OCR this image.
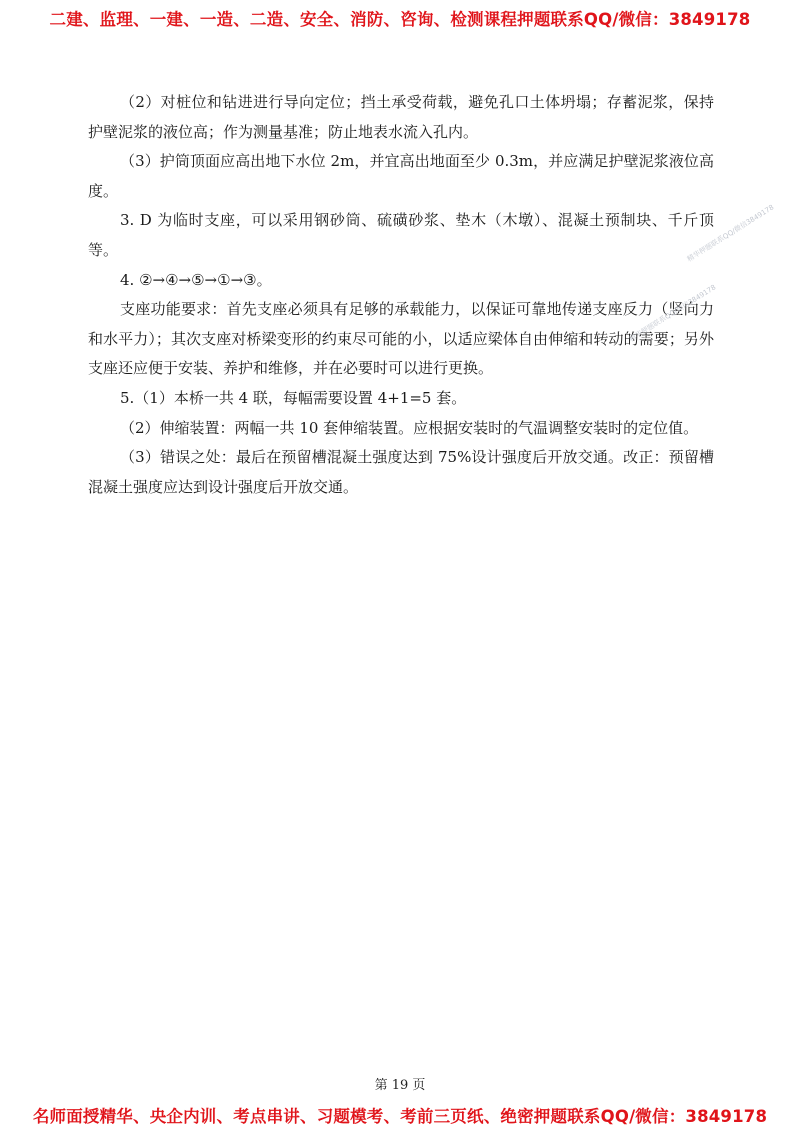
二建、监理、一建、一造、二造、安全、消防、咨询、检测课程押题联系QQ/微信：3849178

（2）对桩位和钻进进行导向定位；挡土承受荷载，避免孔口土体坍塌；存蓄泥浆，保持护壁泥浆的液位高；作为测量基准；防止地表水流入孔内。

（3）护筒顶面应高出地下水位 2m，并宜高出地面至少 0.3m，并应满足护壁泥浆液位高度。

3. D 为临时支座，可以采用钢砂筒、硫磺砂浆、垫木（木墩）、混凝土预制块、千斤顶等。

4. ②→④→⑤→①→③。

支座功能要求：首先支座必须具有足够的承载能力，以保证可靠地传递支座反力（竖向力和水平力）；其次支座对桥梁变形的约束尽可能的小，以适应梁体自由伸缩和转动的需要；另外支座还应便于安装、养护和维修，并在必要时可以进行更换。

5.（1）本桥一共 4 联，每幅需要设置 4+1=5 套。

（2）伸缩装置：两幅一共 10 套伸缩装置。应根据安装时的气温调整安装时的定位值。

（3）错误之处：最后在预留槽混凝土强度达到 75%设计强度后开放交通。改正：预留槽混凝土强度应达到设计强度后开放交通。

精华押题联系QQ/微信3849178
精华押题联系QQ/微信3849178
第 19 页
名师面授精华、央企内训、考点串讲、习题模考、考前三页纸、绝密押题联系QQ/微信：3849178
